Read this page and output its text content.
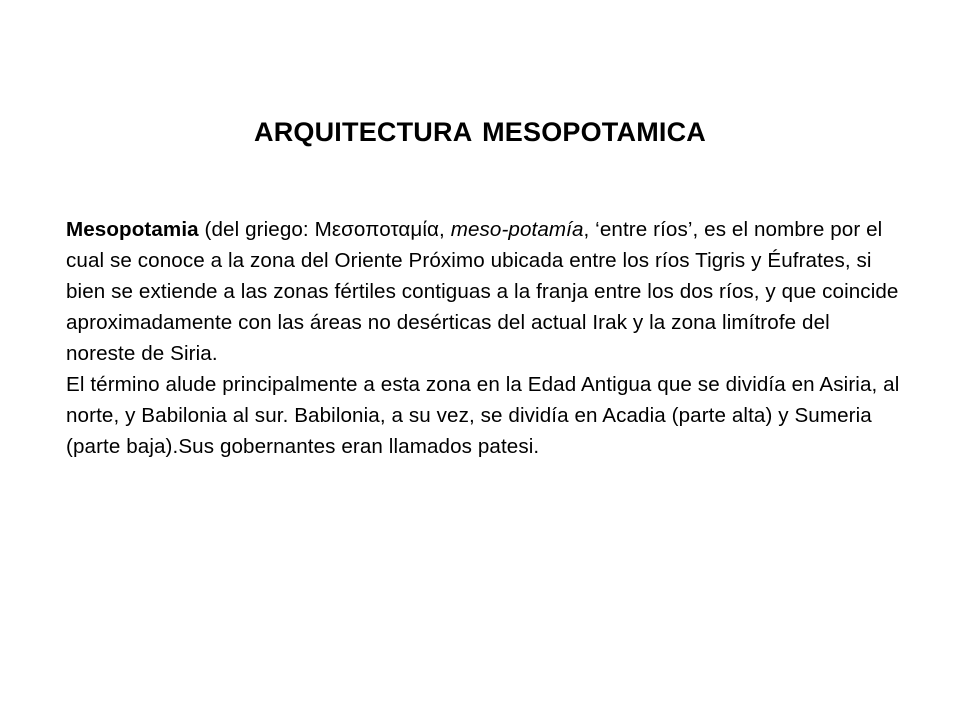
ARQUITECTURA MESOPOTAMICA

Mesopotamia (del griego: Μεσοποταμία, meso-potamía, ‘entre ríos’, es el nombre por el cual se conoce a la zona del Oriente Próximo ubicada entre los ríos Tigris y Éufrates, si bien se extiende a las zonas fértiles contiguas a la franja entre los dos ríos, y que coincide aproximadamente con las áreas no desérticas del actual Irak y la zona limítrofe del noreste de Siria.

El término alude principalmente a esta zona en la Edad Antigua que se dividía en Asiria, al norte, y Babilonia al sur. Babilonia, a su vez, se dividía en Acadia (parte alta) y Sumeria (parte baja).Sus gobernantes eran llamados patesi.
